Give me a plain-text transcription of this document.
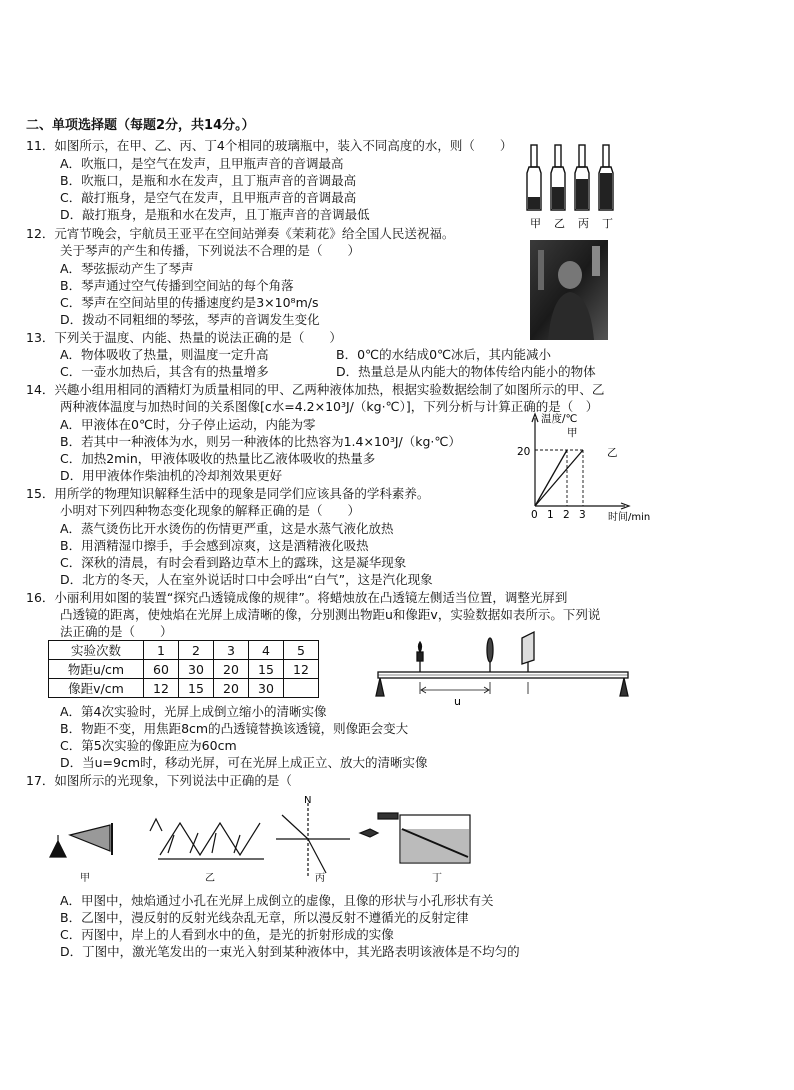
二、单项选择题（每题2分，共14分。）
11．如图所示，在甲、乙、丙、丁4个相同的玻璃瓶中，装入不同高度的水，则（　　）
A．吹瓶口，是空气在发声，且甲瓶声音的音调最高
B．吹瓶口，是瓶和水在发声，且丁瓶声音的音调最高
C．敲打瓶身，是空气在发声，且甲瓶声音的音调最高
D．敲打瓶身，是瓶和水在发声，且丁瓶声音的音调最低
甲 乙 丙 丁
12．元宵节晚会，宇航员王亚平在空间站弹奏《茉莉花》给全国人民送祝福。
关于琴声的产生和传播，下列说法不合理的是（　　）
A．琴弦振动产生了琴声
B．琴声通过空气传播到空间站的每个角落
C．琴声在空间站里的传播速度约是3×10⁸m/s
D．拨动不同粗细的琴弦，琴声的音调发生变化
13．下列关于温度、内能、热量的说法正确的是（　　）
A．物体吸收了热量，则温度一定升高	B．0℃的水结成0℃冰后，其内能减小
C．一壶水加热后，其含有的热量增多	D．热量总是从内能大的物体传给内能小的物体
14．兴趣小组用相同的酒精灯为质量相同的甲、乙两种液体加热，根据实验数据绘制了如图所示的甲、乙
两种液体温度与加热时间的关系图像[c水=4.2×10³J/（kg·℃）]，下列分析与计算正确的是（　）
A．甲液体在0℃时，分子停止运动，内能为零
B．若其中一种液体为水，则另一种液体的比热容为1.4×10³J/（kg·℃）
C．加热2min，甲液体吸收的热量比乙液体吸收的热量多
D．用甲液体作柴油机的冷却剂效果更好
温度/℃
时间/min
20
0 1 2 3
甲
乙
15．用所学的物理知识解释生活中的现象是同学们应该具备的学科素养。
小明对下列四种物态变化现象的解释正确的是（　　）
A．蒸气烫伤比开水烫伤的伤情更严重，这是水蒸气液化放热
B．用酒精湿巾擦手，手会感到凉爽，这是酒精液化吸热
C．深秋的清晨，有时会看到路边草木上的露珠，这是凝华现象
D．北方的冬天，人在室外说话时口中会呼出“白气”，这是汽化现象
16．小丽利用如图的装置“探究凸透镜成像的规律”。将蜡烛放在凸透镜左侧适当位置，调整光屏到
凸透镜的距离，使烛焰在光屏上成清晰的像，分别测出物距u和像距v，实验数据如表所示。下列说
法正确的是（　　）
实验次数	1	2	3	4	5
物距u/cm	60	30	20	15	12
像距v/cm	12	15	20	30	
u
A．第4次实验时，光屏上成倒立缩小的清晰实像
B．物距不变，用焦距8cm的凸透镜替换该透镜，则像距会变大
C．第5次实验的像距应为60cm
D．当u=9cm时，移动光屏，可在光屏上成正立、放大的清晰实像
17．如图所示的光现象，下列说法中正确的是（
N
甲	乙	丙	丁
A．甲图中，烛焰通过小孔在光屏上成倒立的虚像，且像的形状与小孔形状有关
B．乙图中，漫反射的反射光线杂乱无章，所以漫反射不遵循光的反射定律
C．丙图中，岸上的人看到水中的鱼，是光的折射形成的实像
D．丁图中，激光笔发出的一束光入射到某种液体中，其光路表明该液体是不均匀的
